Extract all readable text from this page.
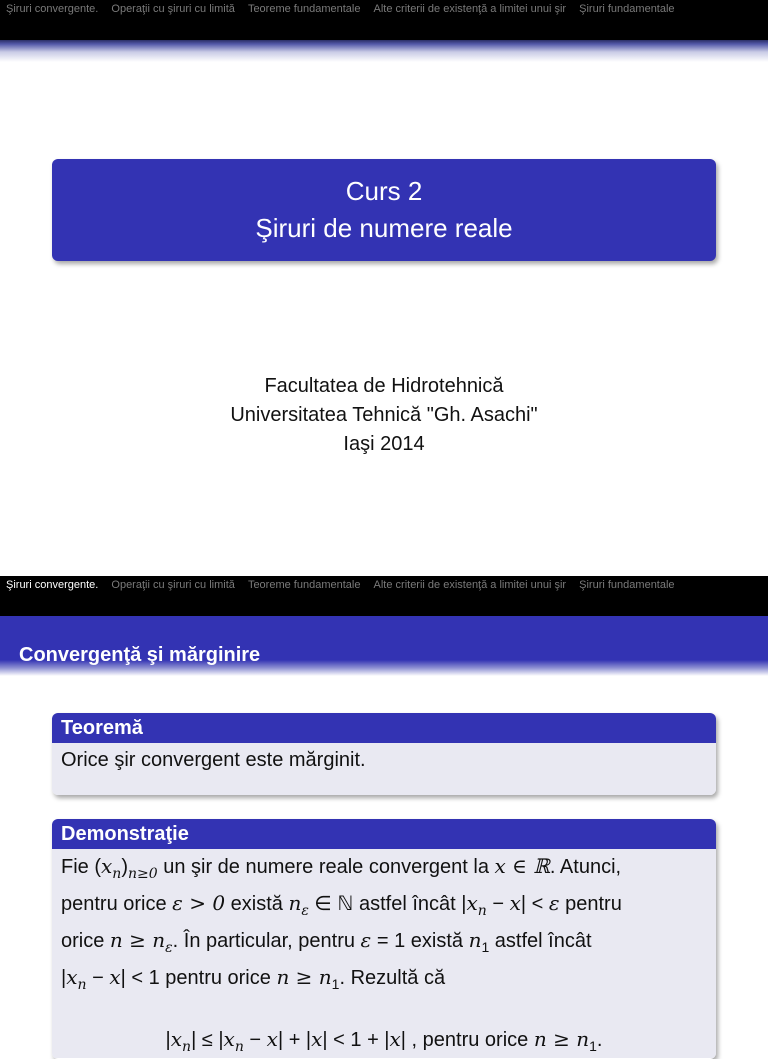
Şiruri convergente. Operaţii cu şiruri cu limită Teoreme fundamentale Alte criterii de existenţă a limitei unui şir Şiruri fundamentale
Curs 2
Şiruri de numere reale
Facultatea de Hidrotehnică
Universitatea Tehnică "Gh. Asachi"
Iaşi 2014
Şiruri convergente. Operaţii cu şiruri cu limită Teoreme fundamentale Alte criterii de existenţă a limitei unui şir Şiruri fundamentale
Convergenţă şi mărginire
Teoremă
Orice şir convergent este mărginit.
Demonstraţie
Fie $(x_n)_{n\ge 0}$ un şir de numere reale convergent la x ∈ ℝ. Atunci,
pentru orice ε > 0 există $n_\varepsilon$ ∈ ℕ astfel încât $|x_n - x| < \varepsilon$ pentru
orice $n \ge n_\varepsilon$. În particular, pentru ε = 1 există $n_1$ astfel încât
$|x_n - x| < 1$ pentru orice $n \ge n_1$. Rezultă că
$|x_n| \le |x_n - x| + |x| < 1 + |x|$ , pentru orice $n \ge n_1$.
